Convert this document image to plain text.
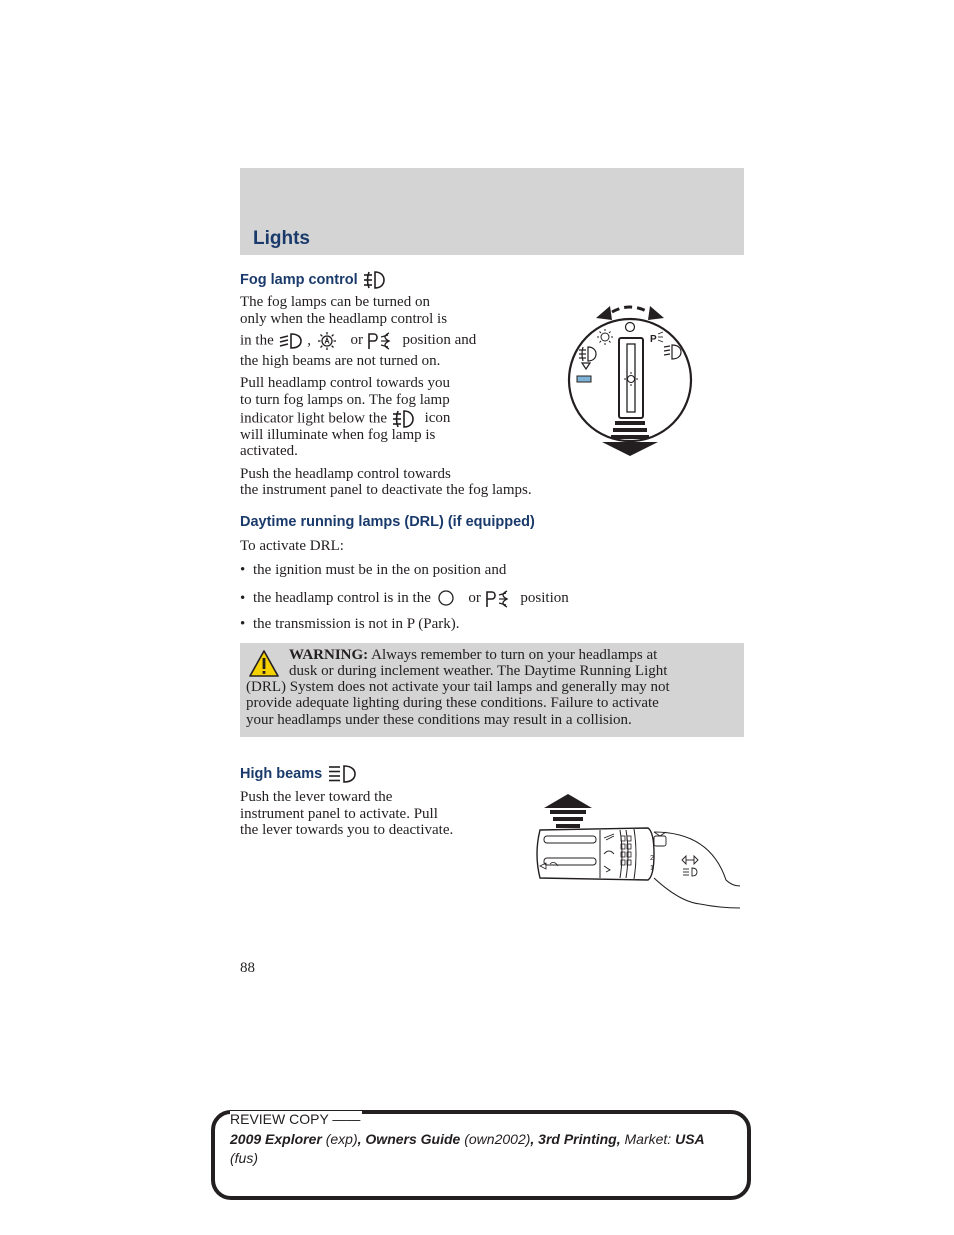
Lights
Fog lamp control
The fog lamps can be turned on
only when the headlamp control is
in the ,	or	position and
the high beams are not turned on.
Pull headlamp control towards you
to turn fog lamps on. The fog lamp
indicator light below the	icon
will illuminate when fog lamp is
activated.
Push the headlamp control towards
the instrument panel to deactivate the fog lamps.
P
Daytime running lamps (DRL) (if equipped)
To activate DRL:
• the ignition must be in the on position and
• the headlamp control is in the	or	position
• the transmission is not in P (Park).
WARNING: Always remember to turn on your headlamps at
dusk or during inclement weather. The Daytime Running Light
(DRL) System does not activate your tail lamps and generally may not
provide adequate lighting during these conditions. Failure to activate
your headlamps under these conditions may result in a collision.
High beams
Push the lever toward the
instrument panel to activate. Pull
the lever towards you to deactivate.
2
1
88
REVIEW COPY ——
2009 Explorer (exp), Owners Guide (own2002), 3rd Printing, Market: USA
(fus)
